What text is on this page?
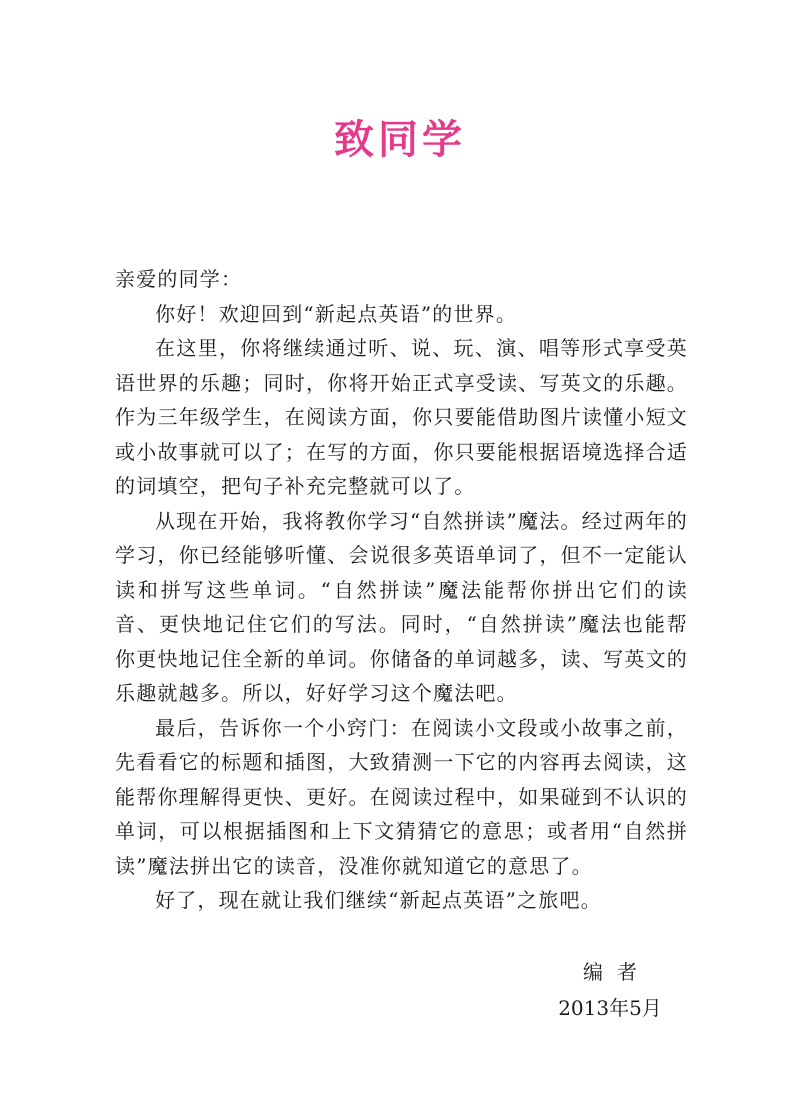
致同学

亲爱的同学：

你好！欢迎回到“新起点英语”的世界。

在这里，你将继续通过听、说、玩、演、唱等形式享受英语世界的乐趣；同时，你将开始正式享受读、写英文的乐趣。作为三年级学生，在阅读方面，你只要能借助图片读懂小短文或小故事就可以了；在写的方面，你只要能根据语境选择合适的词填空，把句子补充完整就可以了。

从现在开始，我将教你学习“自然拼读”魔法。经过两年的学习，你已经能够听懂、会说很多英语单词了，但不一定能认读和拼写这些单词。“自然拼读”魔法能帮你拼出它们的读音、更快地记住它们的写法。同时，“自然拼读”魔法也能帮你更快地记住全新的单词。你储备的单词越多，读、写英文的乐趣就越多。所以，好好学习这个魔法吧。

最后，告诉你一个小窍门：在阅读小文段或小故事之前，先看看它的标题和插图，大致猜测一下它的内容再去阅读，这能帮你理解得更快、更好。在阅读过程中，如果碰到不认识的单词，可以根据插图和上下文猜猜它的意思；或者用“自然拼读”魔法拼出它的读音，没准你就知道它的意思了。

好了，现在就让我们继续“新起点英语”之旅吧。

编者
2013年5月
